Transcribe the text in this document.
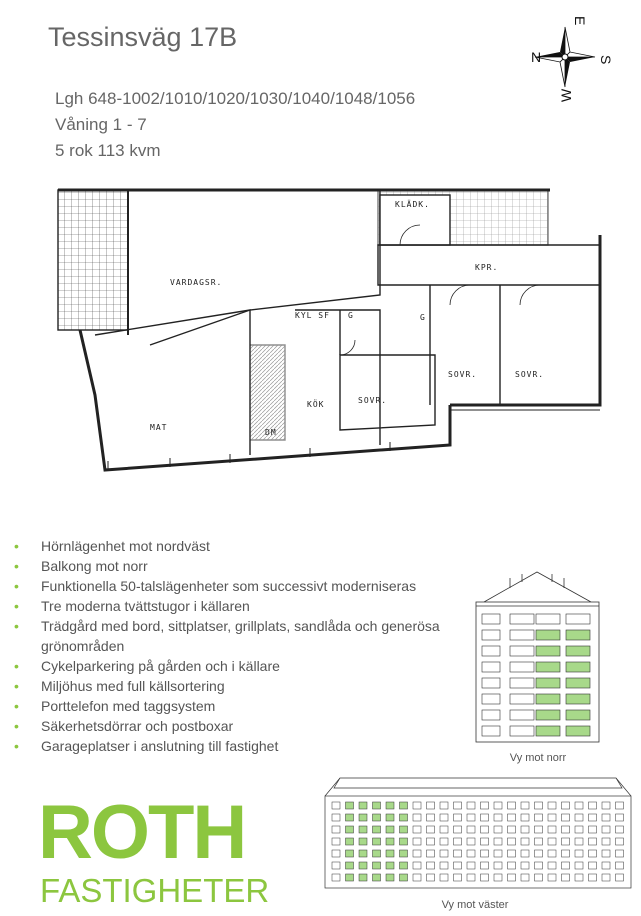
Tessinsväg 17B
Lgh 648-1002/1010/1020/1030/1040/1048/1056
Våning 1 - 7
5 rok 113 kvm
N
E
S
W
VARDAGSR.
KLÄDK.
KPR.
MAT
KÖK
KYL SF G	G
DM
SOVR.
SOVR.	SOVR.
• Hörnlägenhet mot nordväst
• Balkong mot norr
• Funktionella 50-talslägenheter som successivt moderniseras
• Tre moderna tvättstugor i källaren
• Trädgård med bord, sittplatser, grillplats, sandlåda och generösa grönområden
• Cykelparkering på gården och i källare
• Miljöhus med full källsortering
• Porttelefon med taggsystem
• Säkerhetsdörrar och postboxar
• Garageplatser i anslutning till fastighet
Vy mot norr
Vy mot väster
ROTH
FASTIGHETER
